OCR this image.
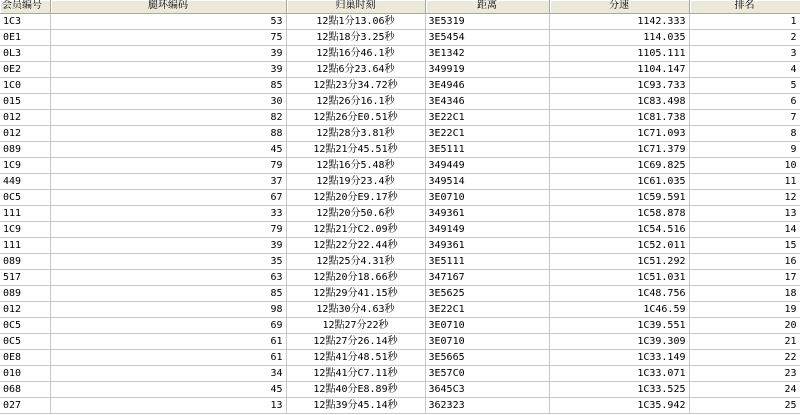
会员编号	腿环编码	归巢时刻	距离	分速	排名
1C3	53	12點1分13.06秒	3E5319	1142.333	1
0E1	75	12點18分3.25秒	3E5454	114.035	2
0L3	39	12點16分46.1秒	3E1342	1105.111	3
0E2	39	12點6分23.64秒	349919	1104.147	4
1C0	85	12點23分34.72秒	3E4946	1C93.733	5
015	30	12點26分16.1秒	3E4346	1C83.498	6
012	82	12點26分E0.51秒	3E22C1	1C81.738	7
012	88	12點28分3.81秒	3E22C1	1C71.093	8
089	45	12點21分45.51秒	3E5111	1C71.379	9
1C9	79	12點16分5.48秒	349449	1C69.825	10
449	37	12點19分23.4秒	349514	1C61.035	11
0C5	67	12點20分E9.17秒	3E0710	1C59.591	12
111	33	12點20分50.6秒	349361	1C58.878	13
1C9	79	12點21分C2.09秒	349149	1C54.516	14
111	39	12點22分22.44秒	349361	1C52.011	15
089	35	12點25分4.31秒	3E5111	1C51.292	16
517	63	12點20分18.66秒	347167	1C51.031	17
089	85	12點29分41.15秒	3E5625	1C48.756	18
012	98	12點30分4.63秒	3E22C1	1C46.59	19
0C5	69	12點27分22秒	3E0710	1C39.551	20
0C5	61	12點27分26.14秒	3E0710	1C39.309	21
0E8	61	12點41分48.51秒	3E5665	1C33.149	22
010	34	12點41分C7.11秒	3E57C0	1C33.071	23
068	45	12點40分E8.89秒	3645C3	1C33.525	24
027	13	12點39分45.14秒	362323	1C35.942	25
